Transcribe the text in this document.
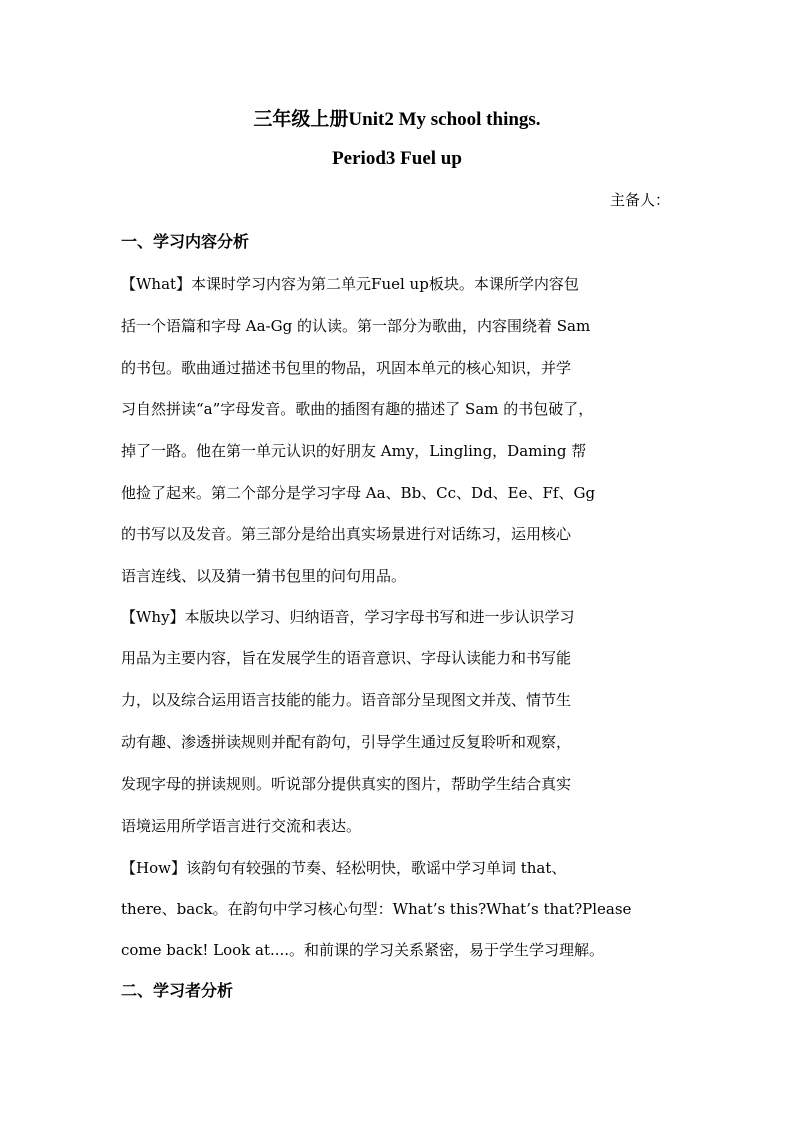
三年级上册Unit2 My school things.
Period3 Fuel up
主备人：
一、学习内容分析
【What】本课时学习内容为第二单元Fuel up板块。本课所学内容包
括一个语篇和字母 Aa-Gg 的认读。第一部分为歌曲，内容围绕着 Sam
的书包。歌曲通过描述书包里的物品，巩固本单元的核心知识，并学
习自然拼读“a”字母发音。歌曲的插图有趣的描述了 Sam 的书包破了，
掉了一路。他在第一单元认识的好朋友 Amy，Lingling，Daming 帮
他捡了起来。第二个部分是学习字母 Aa、Bb、Cc、Dd、Ee、Ff、Gg
的书写以及发音。第三部分是给出真实场景进行对话练习，运用核心
语言连线、以及猜一猜书包里的问句用品。
【Why】本版块以学习、归纳语音，学习字母书写和进一步认识学习
用品为主要内容，旨在发展学生的语音意识、字母认读能力和书写能
力，以及综合运用语言技能的能力。语音部分呈现图文并茂、情节生
动有趣、渗透拼读规则并配有韵句，引导学生通过反复聆听和观察，
发现字母的拼读规则。听说部分提供真实的图片，帮助学生结合真实
语境运用所学语言进行交流和表达。
【How】该韵句有较强的节奏、轻松明快，歌谣中学习单词 that、
there、back。在韵句中学习核心句型：What’s this?What’s that?Please
come back! Look at....。和前课的学习关系紧密，易于学生学习理解。
二、学习者分析
